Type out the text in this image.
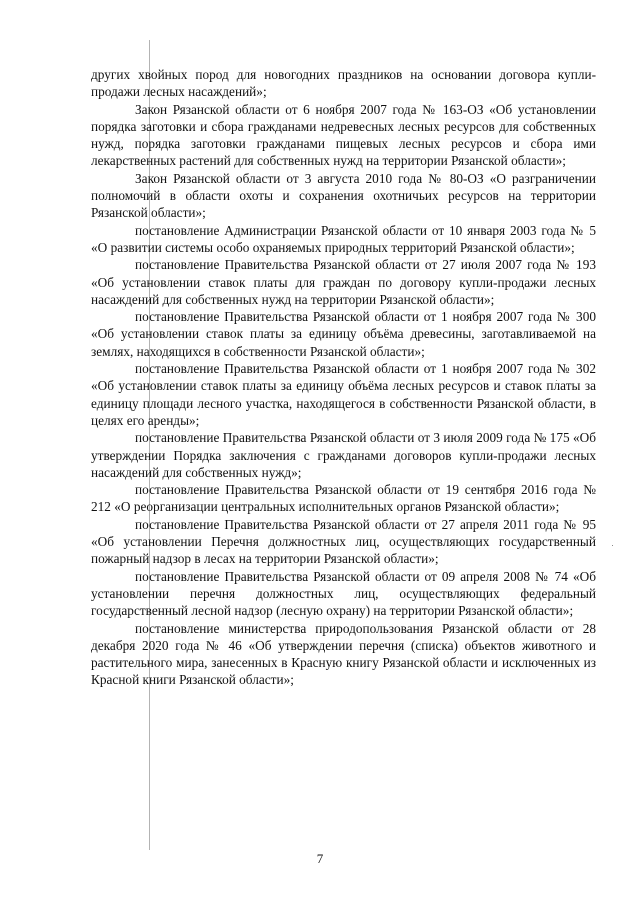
других хвойных пород для новогодних праздников на основании договора купли-продажи лесных насаждений»;

Закон Рязанской области от 6 ноября 2007 года № 163-ОЗ «Об установлении порядка заготовки и сбора гражданами недревесных лесных ресурсов для собственных нужд, порядка заготовки гражданами пищевых лесных ресурсов и сбора ими лекарственных растений для собственных нужд на территории Рязанской области»;

Закон Рязанской области от 3 августа 2010 года № 80-ОЗ «О разграничении полномочий в области охоты и сохранения охотничьих ресурсов на территории Рязанской области»;

постановление Администрации Рязанской области от 10 января 2003 года № 5 «О развитии системы особо охраняемых природных территорий Рязанской области»;

постановление Правительства Рязанской области от 27 июля 2007 года № 193 «Об установлении ставок платы для граждан по договору купли-продажи лесных насаждений для собственных нужд на территории Рязанской области»;

постановление Правительства Рязанской области от 1 ноября 2007 года № 300 «Об установлении ставок платы за единицу объёма древесины, заготавливаемой на землях, находящихся в собственности Рязанской области»;

постановление Правительства Рязанской области от 1 ноября 2007 года № 302 «Об установлении ставок платы за единицу объёма лесных ресурсов и ставок платы за единицу площади лесного участка, находящегося в собственности Рязанской области, в целях его аренды»;

постановление Правительства Рязанской области от 3 июля 2009 года № 175 «Об утверждении Порядка заключения с гражданами договоров купли-продажи лесных насаждений для собственных нужд»;

постановление Правительства Рязанской области от 19 сентября 2016 года № 212 «О реорганизации центральных исполнительных органов Рязанской области»;

постановление Правительства Рязанской области от 27 апреля 2011 года № 95 «Об установлении Перечня должностных лиц, осуществляющих государственный пожарный надзор в лесах на территории Рязанской области»;

постановление Правительства Рязанской области от 09 апреля 2008 № 74 «Об установлении перечня должностных лиц, осуществляющих федеральный государственный лесной надзор (лесную охрану) на территории Рязанской области»;

постановление министерства природопользования Рязанской области от 28 декабря 2020 года № 46 «Об утверждении перечня (списка) объектов животного и растительного мира, занесенных в Красную книгу Рязанской области и исключенных из Красной книги Рязанской области»;

7
